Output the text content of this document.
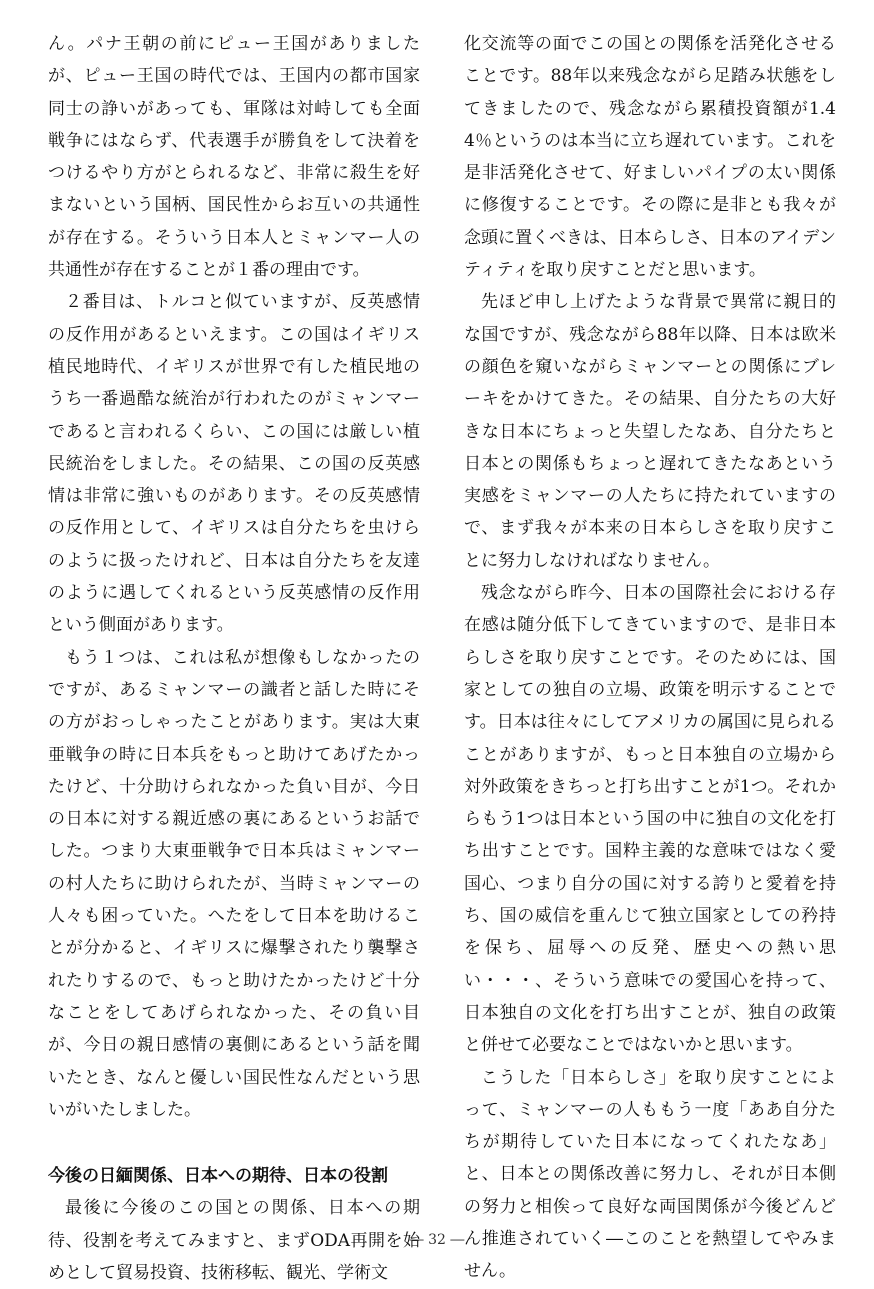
ん。パナ王朝の前にピュー王国がありましたが、ピュー王国の時代では、王国内の都市国家同士の諍いがあっても、軍隊は対峙しても全面戦争にはならず、代表選手が勝負をして決着をつけるやり方がとられるなど、非常に殺生を好まないという国柄、国民性からお互いの共通性が存在する。そういう日本人とミャンマー人の共通性が存在することが１番の理由です。

２番目は、トルコと似ていますが、反英感情の反作用があるといえます。この国はイギリス植民地時代、イギリスが世界で有した植民地のうち一番過酷な統治が行われたのがミャンマーであると言われるくらい、この国には厳しい植民統治をしました。その結果、この国の反英感情は非常に強いものがあります。その反英感情の反作用として、イギリスは自分たちを虫けらのように扱ったけれど、日本は自分たちを友達のように遇してくれるという反英感情の反作用という側面があります。

もう１つは、これは私が想像もしなかったのですが、あるミャンマーの識者と話した時にその方がおっしゃったことがあります。実は大東亜戦争の時に日本兵をもっと助けてあげたかったけど、十分助けられなかった負い目が、今日の日本に対する親近感の裏にあるというお話でした。つまり大東亜戦争で日本兵はミャンマーの村人たちに助けられたが、当時ミャンマーの人々も困っていた。へたをして日本を助けることが分かると、イギリスに爆撃されたり襲撃されたりするので、もっと助けたかったけど十分なことをしてあげられなかった、その負い目が、今日の親日感情の裏側にあるという話を聞いたとき、なんと優しい国民性なんだという思いがいたしました。

今後の日緬関係、日本への期待、日本の役割

最後に今後のこの国との関係、日本への期待、役割を考えてみますと、まずODA再開を始めとして貿易投資、技術移転、観光、学術文

化交流等の面でこの国との関係を活発化させることです。88年以来残念ながら足踏み状態をしてきましたので、残念ながら累積投資額が1.44％というのは本当に立ち遅れています。これを是非活発化させて、好ましいパイプの太い関係に修復することです。その際に是非とも我々が念頭に置くべきは、日本らしさ、日本のアイデンティティを取り戻すことだと思います。

先ほど申し上げたような背景で異常に親日的な国ですが、残念ながら88年以降、日本は欧米の顔色を窺いながらミャンマーとの関係にブレーキをかけてきた。その結果、自分たちの大好きな日本にちょっと失望したなあ、自分たちと日本との関係もちょっと遅れてきたなあという実感をミャンマーの人たちに持たれていますので、まず我々が本来の日本らしさを取り戻すことに努力しなければなりません。

残念ながら昨今、日本の国際社会における存在感は随分低下してきていますので、是非日本らしさを取り戻すことです。そのためには、国家としての独自の立場、政策を明示することです。日本は往々にしてアメリカの属国に見られることがありますが、もっと日本独自の立場から対外政策をきちっと打ち出すことが1つ。それからもう1つは日本という国の中に独自の文化を打ち出すことです。国粋主義的な意味ではなく愛国心、つまり自分の国に対する誇りと愛着を持ち、国の威信を重んじて独立国家としての矜持を保ち、屈辱への反発、歴史への熱い思い・・・、そういう意味での愛国心を持って、日本独自の文化を打ち出すことが、独自の政策と併せて必要なことではないかと思います。

こうした「日本らしさ」を取り戻すことによって、ミャンマーの人ももう一度「ああ自分たちが期待していた日本になってくれたなあ」と、日本との関係改善に努力し、それが日本側の努力と相俟って良好な両国関係が今後どんどん推進されていく―このことを熱望してやみません。

― 32 ―
